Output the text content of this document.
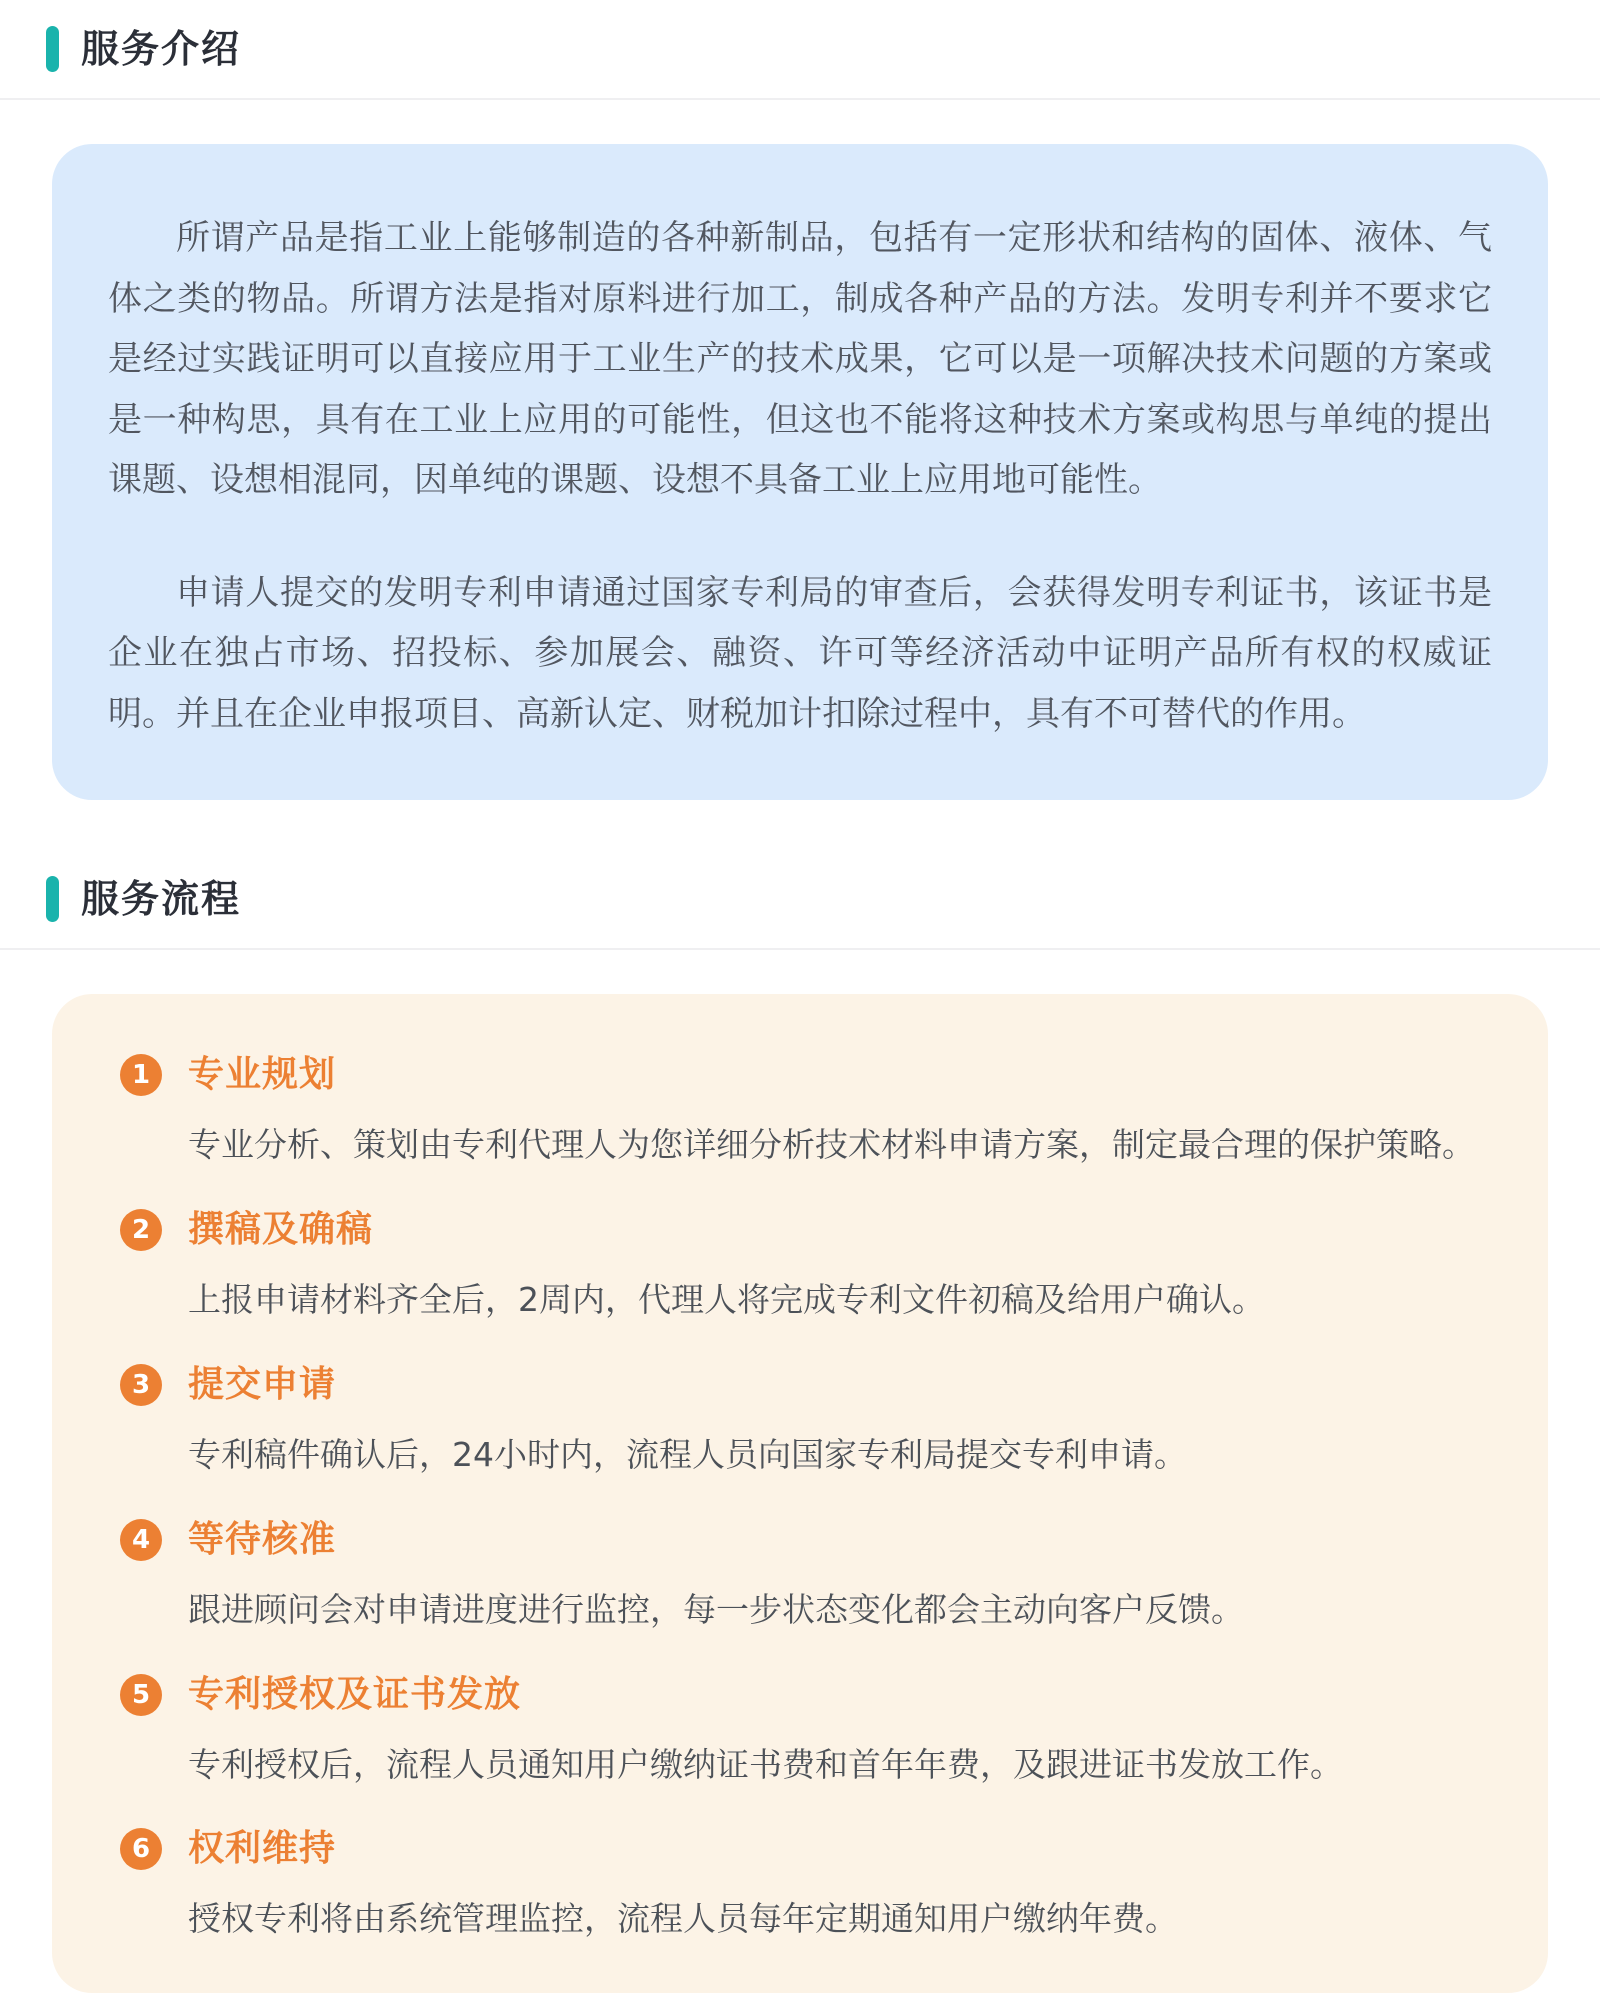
服务介绍

所谓产品是指工业上能够制造的各种新制品，包括有一定形状和结构的固体、液体、气体之类的物品。所谓方法是指对原料进行加工，制成各种产品的方法。发明专利并不要求它是经过实践证明可以直接应用于工业生产的技术成果，它可以是一项解决技术问题的方案或是一种构思，具有在工业上应用的可能性，但这也不能将这种技术方案或构思与单纯的提出课题、设想相混同，因单纯的课题、设想不具备工业上应用地可能性。

申请人提交的发明专利申请通过国家专利局的审查后，会获得发明专利证书，该证书是企业在独占市场、招投标、参加展会、融资、许可等经济活动中证明产品所有权的权威证明。并且在企业申报项目、高新认定、财税加计扣除过程中，具有不可替代的作用。

服务流程
1	专业规划
专业分析、策划由专利代理人为您详细分析技术材料申请方案，制定最合理的保护策略。
2	撰稿及确稿
上报申请材料齐全后，2周内，代理人将完成专利文件初稿及给用户确认。
3	提交申请
专利稿件确认后，24小时内，流程人员向国家专利局提交专利申请。
4	等待核准
跟进顾问会对申请进度进行监控，每一步状态变化都会主动向客户反馈。
5	专利授权及证书发放
专利授权后，流程人员通知用户缴纳证书费和首年年费，及跟进证书发放工作。
6	权利维持
授权专利将由系统管理监控，流程人员每年定期通知用户缴纳年费。
